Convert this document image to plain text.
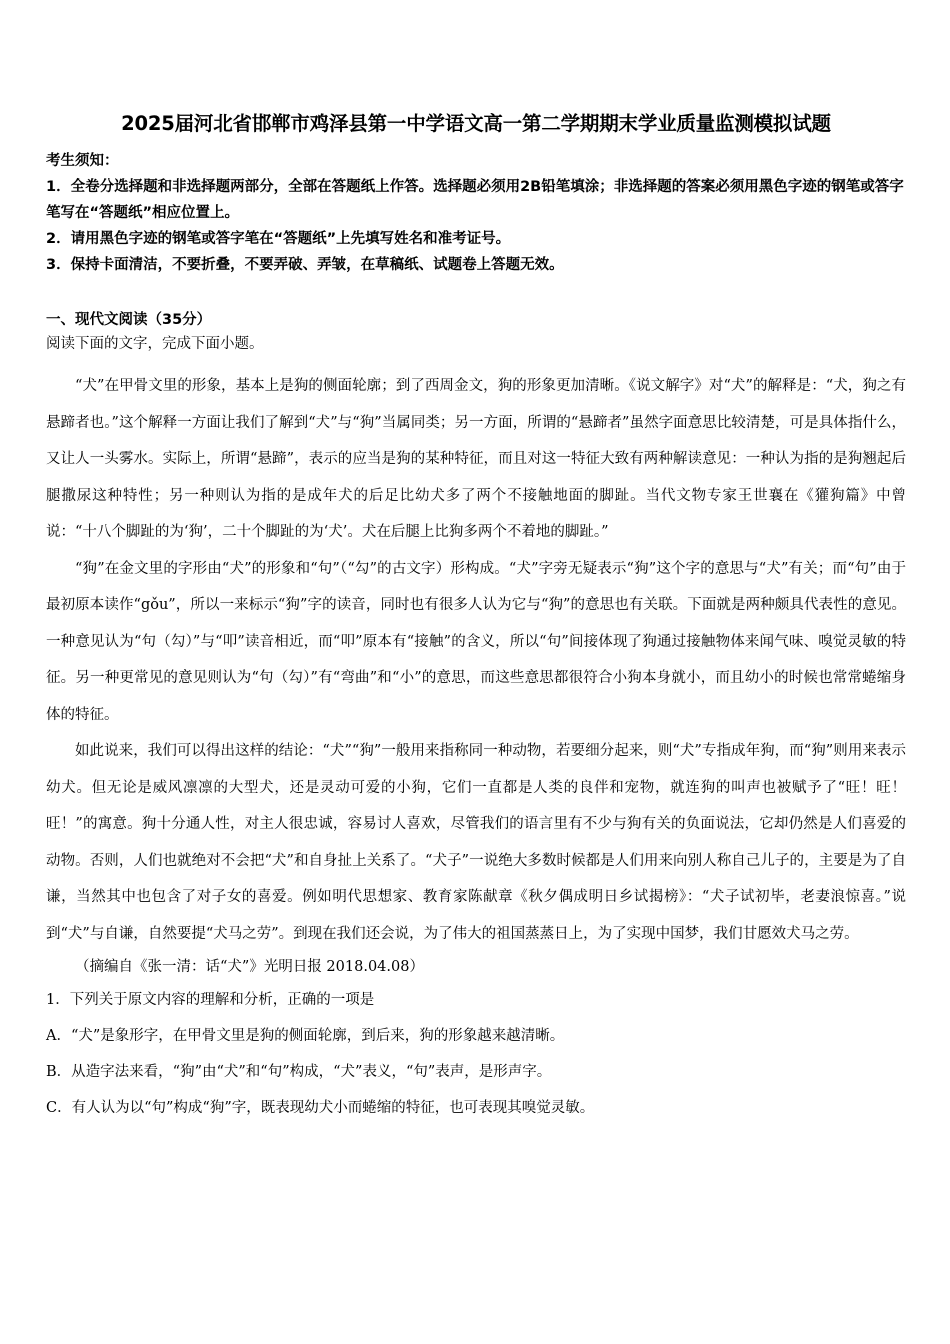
2025届河北省邯郸市鸡泽县第一中学语文高一第二学期期末学业质量监测模拟试题

考生须知：

1．全卷分选择题和非选择题两部分，全部在答题纸上作答。选择题必须用2B铅笔填涂；非选择题的答案必须用黑色字迹的钢笔或答字笔写在“答题纸”相应位置上。

2．请用黑色字迹的钢笔或答字笔在“答题纸”上先填写姓名和准考证号。

3．保持卡面清洁，不要折叠，不要弄破、弄皱，在草稿纸、试题卷上答题无效。

一、现代文阅读（35分）
阅读下面的文字，完成下面小题。

“犬”在甲骨文里的形象，基本上是狗的侧面轮廓；到了西周金文，狗的形象更加清晰。《说文解字》对“犬”的解释是：“犬，狗之有悬蹄者也。”这个解释一方面让我们了解到“犬”与“狗”当属同类；另一方面，所谓的“悬蹄者”虽然字面意思比较清楚，可是具体指什么，又让人一头雾水。实际上，所谓“悬蹄”，表示的应当是狗的某种特征，而且对这一特征大致有两种解读意见：一种认为指的是狗翘起后腿撒尿这种特性；另一种则认为指的是成年犬的后足比幼犬多了两个不接触地面的脚趾。当代文物专家王世襄在《獾狗篇》中曾说：“十八个脚趾的为‘狗’，二十个脚趾的为‘犬’。犬在后腿上比狗多两个不着地的脚趾。”

“狗”在金文里的字形由“犬”的形象和“句”（“勾”的古文字）形构成。“犬”字旁无疑表示“狗”这个字的意思与“犬”有关；而“句”由于最初原本读作“gǒu”，所以一来标示“狗”字的读音，同时也有很多人认为它与“狗”的意思也有关联。下面就是两种颇具代表性的意见。一种意见认为“句（勾）”与“叩”读音相近，而“叩”原本有“接触”的含义，所以“句”间接体现了狗通过接触物体来闻气味、嗅觉灵敏的特征。另一种更常见的意见则认为“句（勾）”有“弯曲”和“小”的意思，而这些意思都很符合小狗本身就小，而且幼小的时候也常常蜷缩身体的特征。

如此说来，我们可以得出这样的结论：“犬”“狗”一般用来指称同一种动物，若要细分起来，则“犬”专指成年狗，而“狗”则用来表示幼犬。但无论是威风凛凛的大型犬，还是灵动可爱的小狗，它们一直都是人类的良伴和宠物，就连狗的叫声也被赋予了“旺！旺！旺！”的寓意。狗十分通人性，对主人很忠诚，容易讨人喜欢，尽管我们的语言里有不少与狗有关的负面说法，它却仍然是人们喜爱的动物。否则，人们也就绝对不会把“犬”和自身扯上关系了。“犬子”一说绝大多数时候都是人们用来向别人称自己儿子的，主要是为了自谦，当然其中也包含了对子女的喜爱。例如明代思想家、教育家陈献章《秋夕偶成明日乡试揭榜》：“犬子试初毕，老妻浪惊喜。”说到“犬”与自谦，自然要提“犬马之劳”。到现在我们还会说，为了伟大的祖国蒸蒸日上，为了实现中国梦，我们甘愿效犬马之劳。

（摘编自《张一清：话“犬”》光明日报 2018.04.08）

1．下列关于原文内容的理解和分析，正确的一项是

A．“犬”是象形字，在甲骨文里是狗的侧面轮廓，到后来，狗的形象越来越清晰。

B．从造字法来看，“狗”由“犬”和“句”构成，“犬”表义，“句”表声，是形声字。

C．有人认为以“句”构成“狗”字，既表现幼犬小而蜷缩的特征，也可表现其嗅觉灵敏。
